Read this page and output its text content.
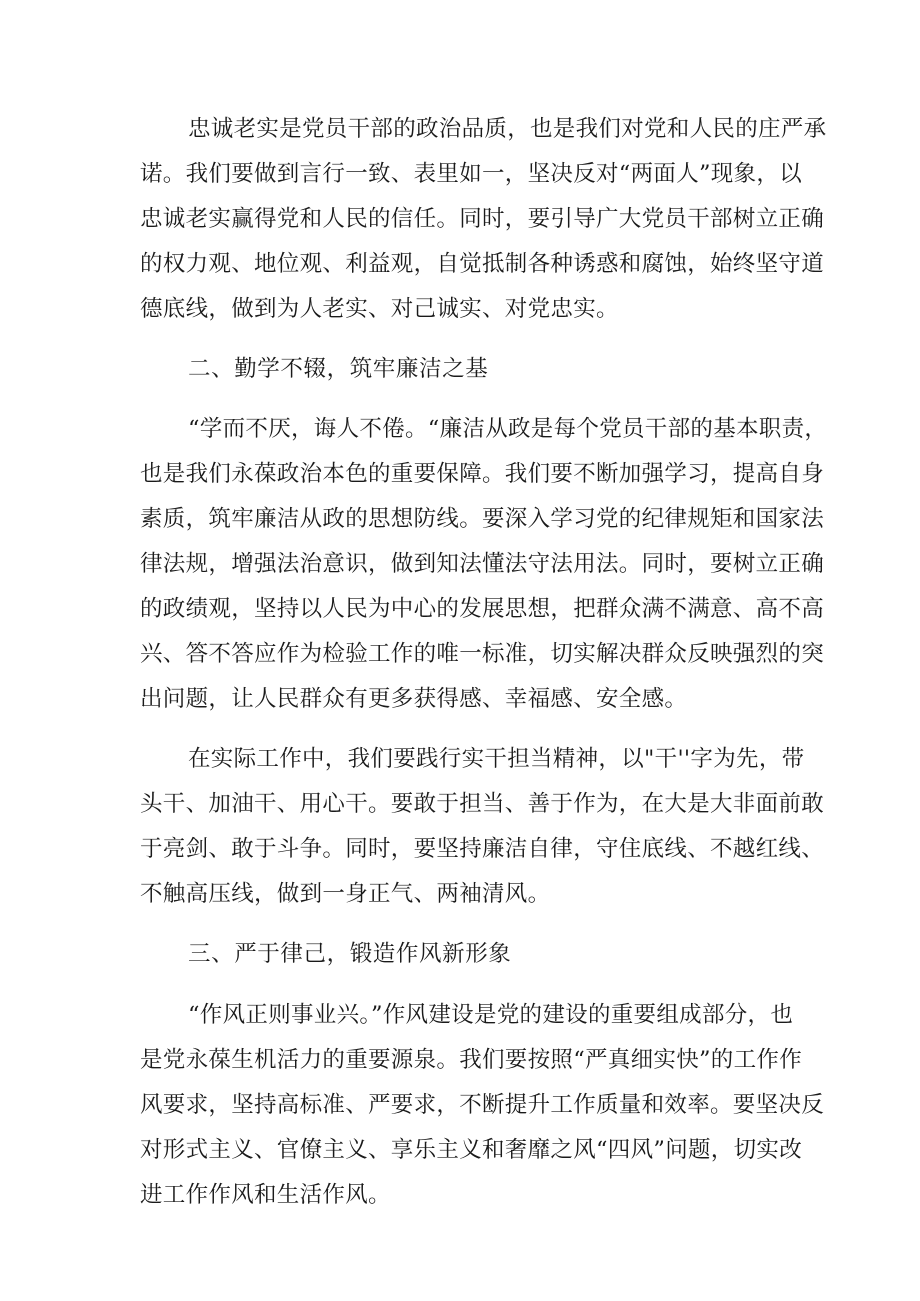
忠诚老实是党员干部的政治品质，也是我们对党和人民的庄严承
诺。我们要做到言行一致、表里如一，坚决反对“两面人”现象，以
忠诚老实赢得党和人民的信任。同时，要引导广大党员干部树立正确
的权力观、地位观、利益观，自觉抵制各种诱惑和腐蚀，始终坚守道
德底线，做到为人老实、对己诚实、对党忠实。
二、勤学不辍，筑牢廉洁之基
“学而不厌，诲人不倦。“廉洁从政是每个党员干部的基本职责，
也是我们永葆政治本色的重要保障。我们要不断加强学习，提高自身
素质，筑牢廉洁从政的思想防线。要深入学习党的纪律规矩和国家法
律法规，增强法治意识，做到知法懂法守法用法。同时，要树立正确
的政绩观，坚持以人民为中心的发展思想，把群众满不满意、高不高
兴、答不答应作为检验工作的唯一标准，切实解决群众反映强烈的突
出问题，让人民群众有更多获得感、幸福感、安全感。
在实际工作中，我们要践行实干担当精神，以"干''字为先，带
头干、加油干、用心干。要敢于担当、善于作为，在大是大非面前敢
于亮剑、敢于斗争。同时，要坚持廉洁自律，守住底线、不越红线、
不触高压线，做到一身正气、两袖清风。
三、严于律己，锻造作风新形象
“作风正则事业兴。”作风建设是党的建设的重要组成部分，也
是党永葆生机活力的重要源泉。我们要按照“严真细实快”的工作作
风要求，坚持高标准、严要求，不断提升工作质量和效率。要坚决反
对形式主义、官僚主义、享乐主义和奢靡之风“四风”问题，切实改
进工作作风和生活作风。
